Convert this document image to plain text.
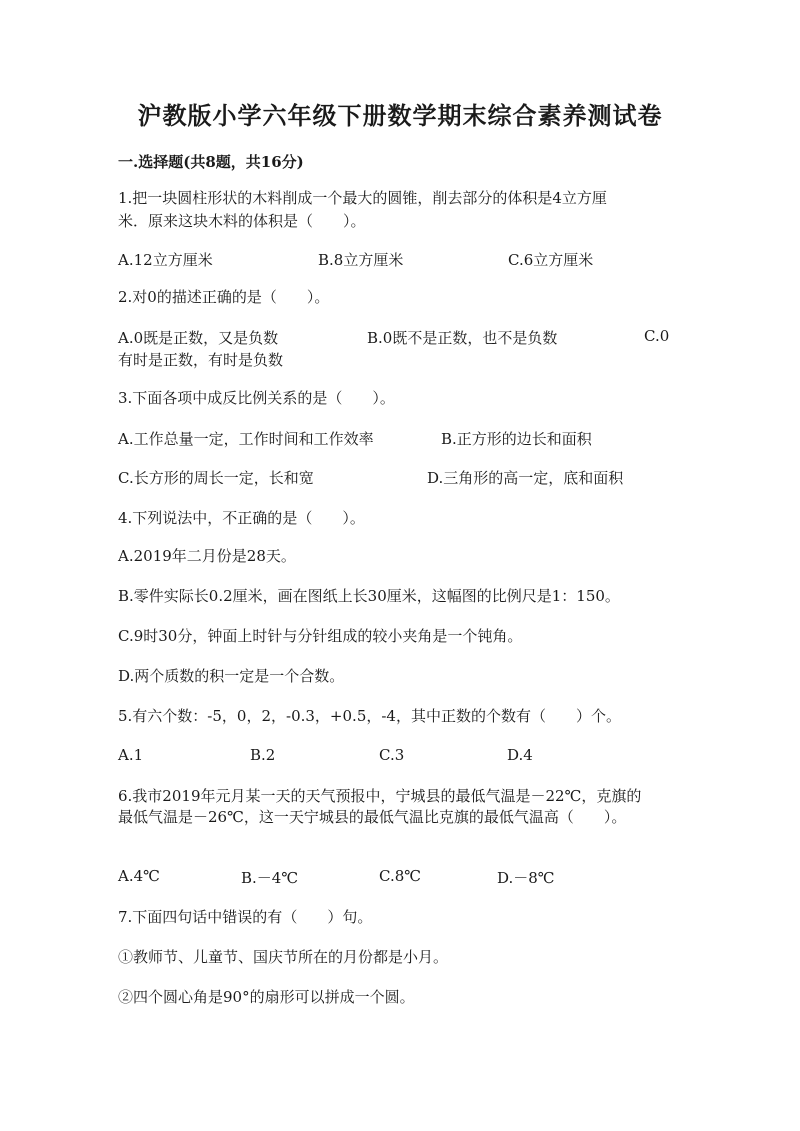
沪教版小学六年级下册数学期末综合素养测试卷
一.选择题(共8题，共16分)
1.把一块圆柱形状的木料削成一个最大的圆锥，削去部分的体积是4立方厘
米．原来这块木料的体积是（　　）。
A.12立方厘米	B.8立方厘米	C.6立方厘米
2.对0的描述正确的是（　　）。
A.0既是正数，又是负数	B.0既不是正数，也不是负数	C.0
有时是正数，有时是负数
3.下面各项中成反比例关系的是（　　）。
A.工作总量一定，工作时间和工作效率	B.正方形的边长和面积
C.长方形的周长一定，长和宽	D.三角形的高一定，底和面积
4.下列说法中，不正确的是（　　）。
A.2019年二月份是28天。
B.零件实际长0.2厘米，画在图纸上长30厘米，这幅图的比例尺是1：150。
C.9时30分，钟面上时针与分针组成的较小夹角是一个钝角。
D.两个质数的积一定是一个合数。
5.有六个数：-5，0，2，-0.3，+0.5，-4，其中正数的个数有（　　）个。
A.1	B.2	C.3	D.4
6.我市2019年元月某一天的天气预报中，宁城县的最低气温是－22℃，克旗的
最低气温是－26℃，这一天宁城县的最低气温比克旗的最低气温高（　　）。
A.4℃	B.－4℃	C.8℃	D.－8℃
7.下面四句话中错误的有（　　）句。
①教师节、儿童节、国庆节所在的月份都是小月。
②四个圆心角是90°的扇形可以拼成一个圆。
